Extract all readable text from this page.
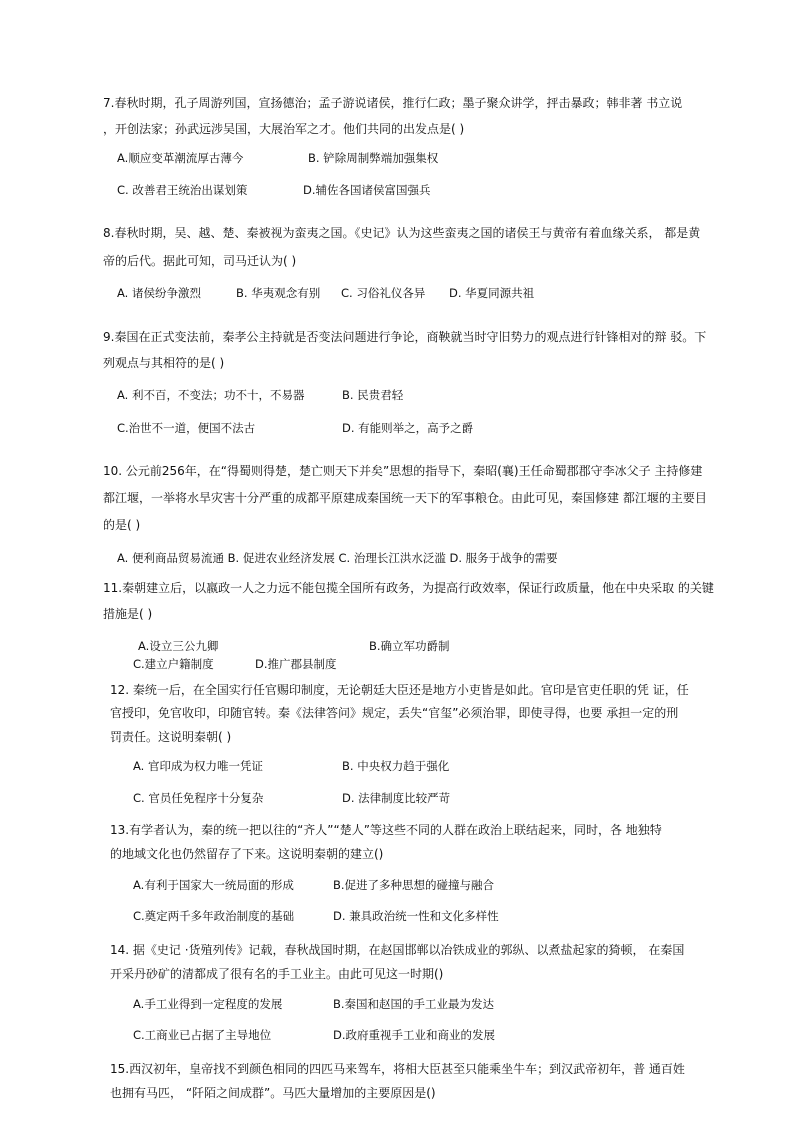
7.春秋时期，孔子周游列国，宣扬德治；孟子游说诸侯，推行仁政；墨子聚众讲学，抨击暴政；韩非著 书立说
，开创法家；孙武远涉吴国，大展治军之才。他们共同的出发点是( )
A.顺应变革潮流厚古薄今	B. 铲除周制弊端加强集权
C. 改善君王统治出谋划策	D.辅佐各国诸侯富国强兵
8.春秋时期，吴、越、楚、秦被视为蛮夷之国。《史记》认为这些蛮夷之国的诸侯王与黄帝有着血缘关系， 都是黄
帝的后代。据此可知，司马迁认为( )
A. 诸侯纷争激烈	B. 华夷观念有别 C. 习俗礼仪各异 D. 华夏同源共祖
9.秦国在正式变法前，秦孝公主持就是否变法问题进行争论，商鞅就当时守旧势力的观点进行针锋相对的辩 驳。下
列观点与其相符的是( )
A. 利不百，不变法；功不十，不易器	B. 民贵君轻
C.治世不一道，便国不法古	D. 有能则举之，高予之爵
10. 公元前256年，在“得蜀则得楚，楚亡则天下并矣”思想的指导下，秦昭(襄)王任命蜀郡郡守李冰父子 主持修建
都江堰，一举将水旱灾害十分严重的成都平原建成秦国统一天下的军事粮仓。由此可见，秦国修建 都江堰的主要目
的是( )
A. 便利商品贸易流通 B. 促进农业经济发展 C. 治理长江洪水泛滥 D. 服务于战争的需要
11.秦朝建立后，以嬴政一人之力远不能包揽全国所有政务，为提高行政效率，保证行政质量，他在中央采取 的关键
措施是( )
A.设立三公九卿	B.确立军功爵制
C.建立户籍制度	D.推广郡县制度
12. 秦统一后，在全国实行任官赐印制度，无论朝廷大臣还是地方小吏皆是如此。官印是官吏任职的凭 证，任
官授印，免官收印，印随官转。秦《法律答问》规定，丢失“官玺”必须治罪，即使寻得，也要 承担一定的刑
罚责任。这说明秦朝( )
A. 官印成为权力唯一凭证	B. 中央权力趋于强化
C. 官员任免程序十分复杂	D. 法律制度比较严苛
13.有学者认为，秦的统一把以往的“齐人”“楚人”等这些不同的人群在政治上联结起来，同时，各 地独特
的地域文化也仍然留存了下来。这说明秦朝的建立()
A.有利于国家大一统局面的形成	B.促进了多种思想的碰撞与融合
C.奠定两千多年政治制度的基础	D. 兼具政治统一性和文化多样性
14. 据《史记 ·货殖列传》记载，春秋战国时期，在赵国邯郸以冶铁成业的郭纵、以煮盐起家的猗顿， 在秦国
开采丹砂矿的清都成了很有名的手工业主。由此可见这一时期()
A.手工业得到一定程度的发展	B.秦国和赵国的手工业最为发达
C.工商业已占据了主导地位	D.政府重视手工业和商业的发展
15.西汉初年，皇帝找不到颜色相同的四匹马来驾车，将相大臣甚至只能乘坐牛车；到汉武帝初年，普 通百姓
也拥有马匹， “阡陌之间成群”。马匹大量增加的主要原因是()
